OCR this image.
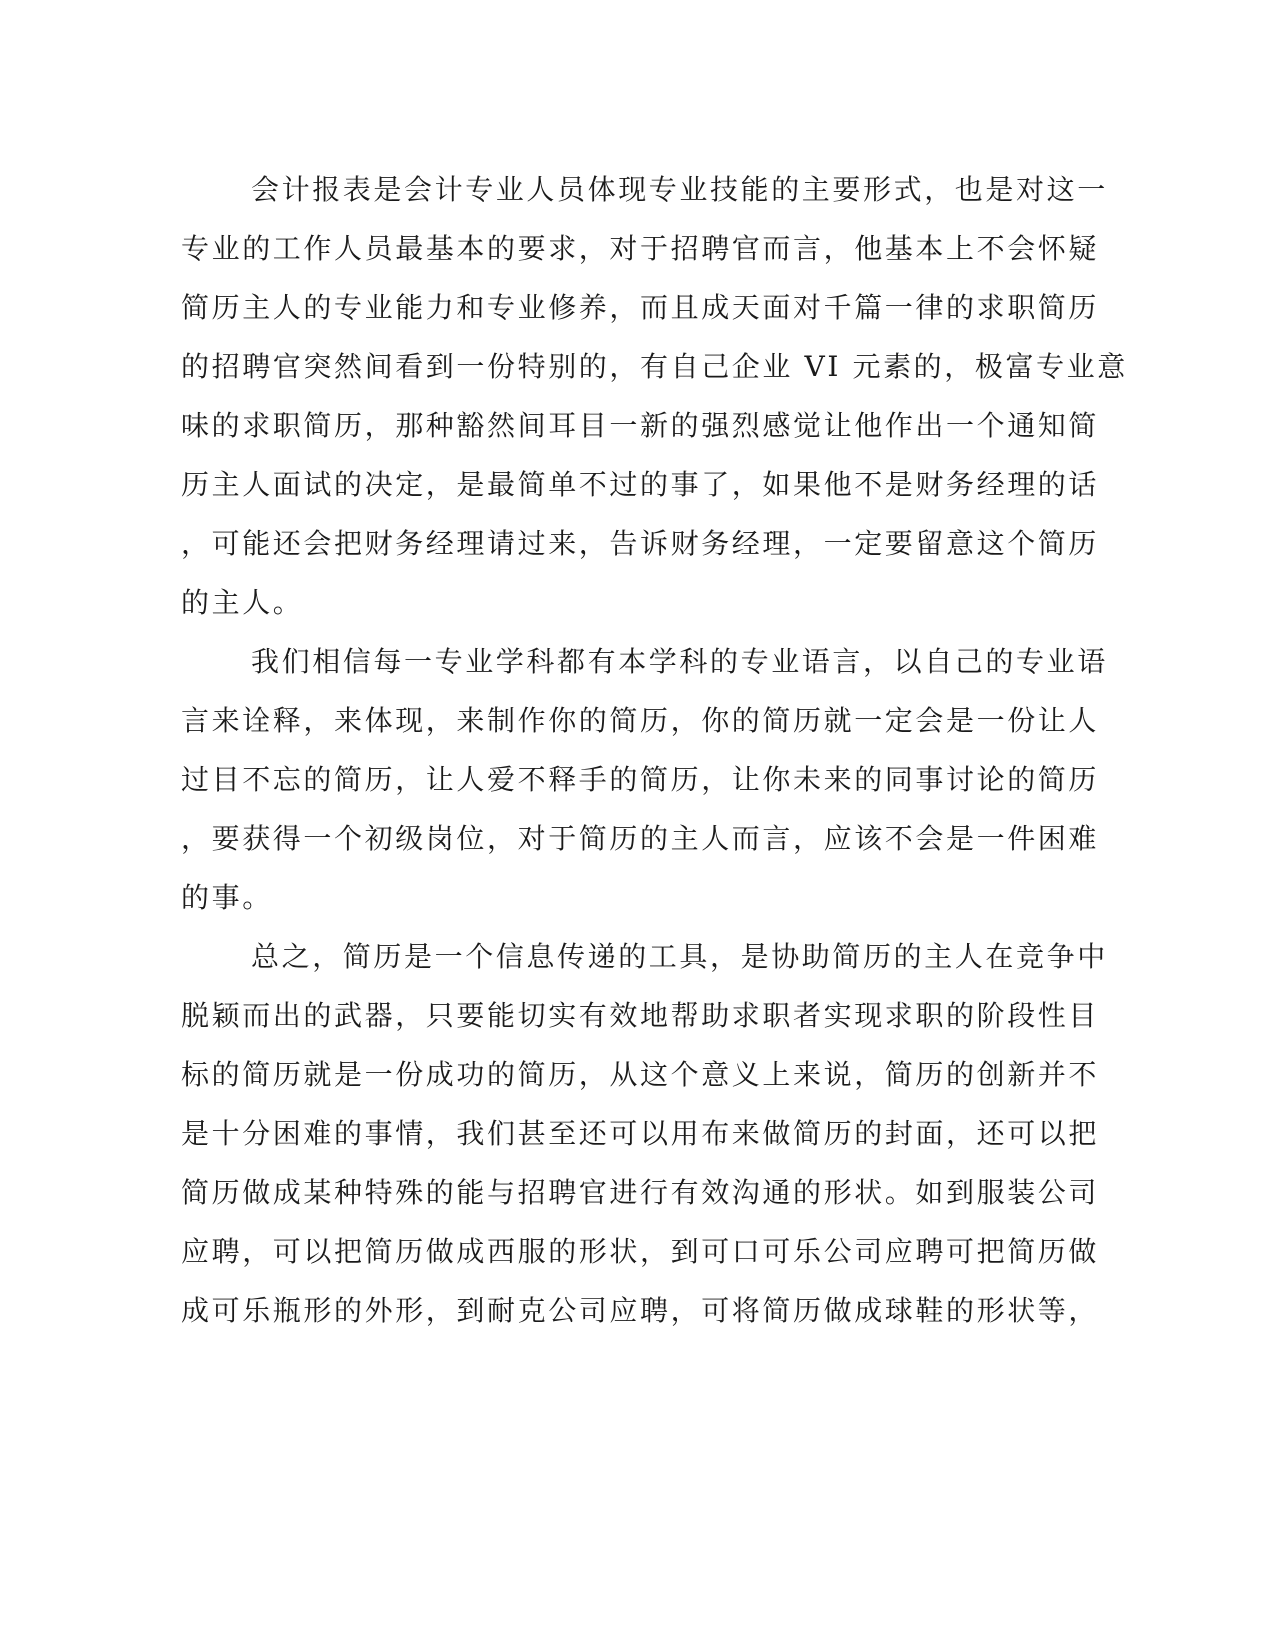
会计报表是会计专业人员体现专业技能的主要形式，也是对这一
专业的工作人员最基本的要求，对于招聘官而言，他基本上不会怀疑
简历主人的专业能力和专业修养，而且成天面对千篇一律的求职简历
的招聘官突然间看到一份特别的，有自己企业 VI 元素的，极富专业意
味的求职简历，那种豁然间耳目一新的强烈感觉让他作出一个通知简
历主人面试的决定，是最简单不过的事了，如果他不是财务经理的话
，可能还会把财务经理请过来，告诉财务经理，一定要留意这个简历
的主人。

我们相信每一专业学科都有本学科的专业语言，以自己的专业语
言来诠释，来体现，来制作你的简历，你的简历就一定会是一份让人
过目不忘的简历，让人爱不释手的简历，让你未来的同事讨论的简历
，要获得一个初级岗位，对于简历的主人而言，应该不会是一件困难
的事。

总之，简历是一个信息传递的工具，是协助简历的主人在竞争中
脱颖而出的武器，只要能切实有效地帮助求职者实现求职的阶段性目
标的简历就是一份成功的简历，从这个意义上来说，简历的创新并不
是十分困难的事情，我们甚至还可以用布来做简历的封面，还可以把
简历做成某种特殊的能与招聘官进行有效沟通的形状。如到服装公司
应聘，可以把简历做成西服的形状，到可口可乐公司应聘可把简历做
成可乐瓶形的外形，到耐克公司应聘，可将简历做成球鞋的形状等，
